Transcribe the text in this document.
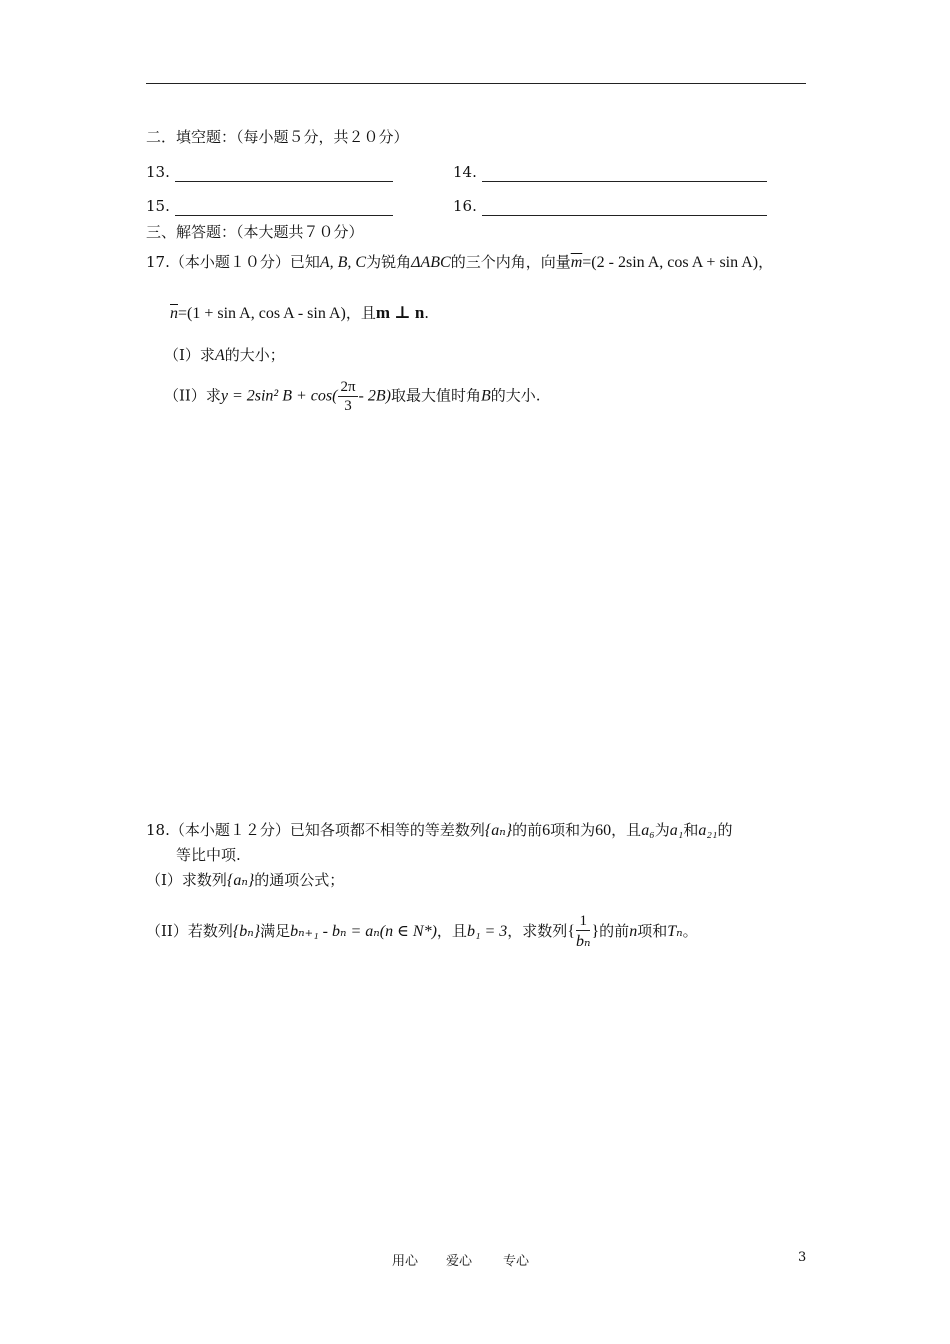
二．填空题：（每小题５分，共２０分）
13.	14.
15.	16.
三、解答题：（本大题共７０分）
17.（本小题１０分）已知A, B, C为锐角ΔABC的三个内角，向量$\overline{m}=(2 - 2\sin$ A, cos A + sin A)，
$\overline{n}=(1 + \sin A$, cos A - sin A)，且m ⊥ n.
（I）求A的大小；
（II）求y = 2sin² $B + \cos( \frac{2\pi}{3} - 2B)$取最大值时角B的大小.
18.（本小题１２分）已知各项都不相等的等差数列{aₙ}的前6项和为60，且a₆为a₁和a₂₁的
等比中项.
（I）求数列{aₙ}的通项公式；
（II）若数列{bₙ}满足bₙ₊₁ - bₙ = aₙ(n ∈ N*)，且b₁ = 3，求数列{ $\frac{1}{\text{bₙ}}$}的前n项和Tₙ。
用心 爱心 专心	3
